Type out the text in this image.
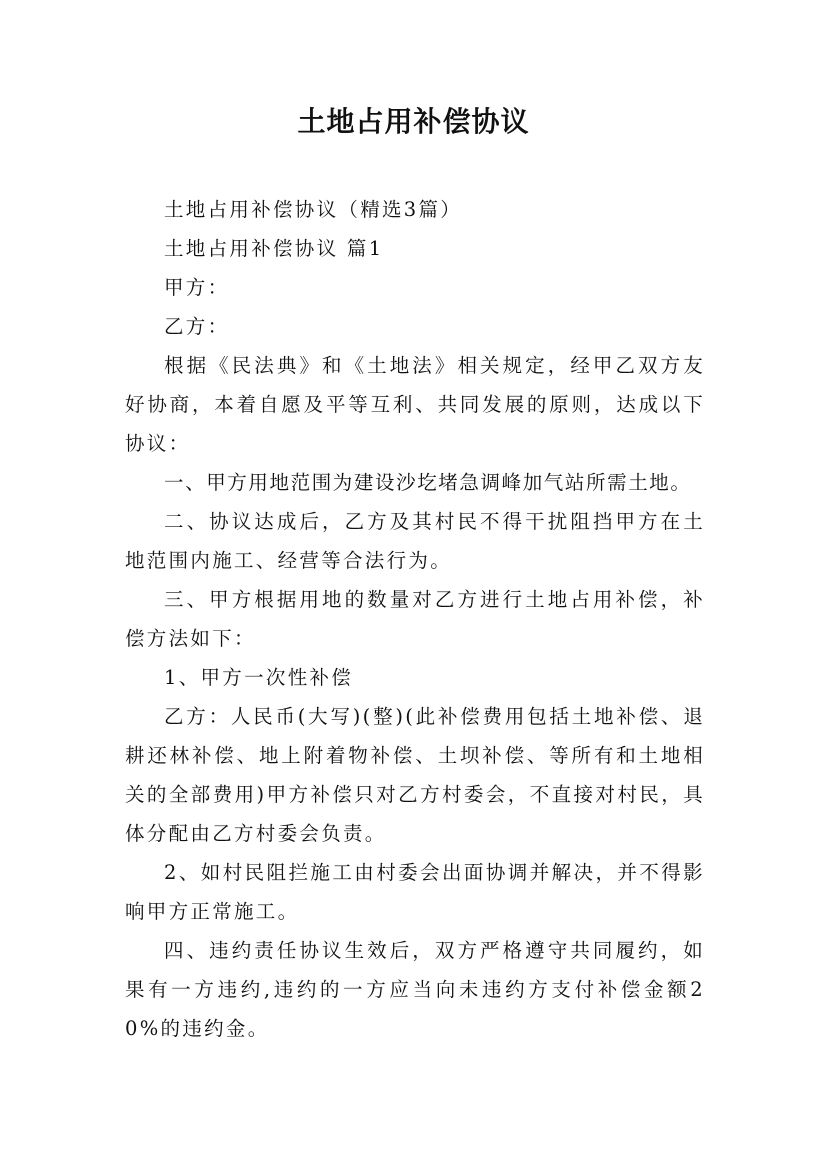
土地占用补偿协议

土地占用补偿协议（精选3篇）

土地占用补偿协议 篇1

甲方：

乙方：

根据《民法典》和《土地法》相关规定，经甲乙双方友好协商，本着自愿及平等互利、共同发展的原则，达成以下协议：

一、甲方用地范围为建设沙圪堵急调峰加气站所需土地。

二、协议达成后，乙方及其村民不得干扰阻挡甲方在土地范围内施工、经营等合法行为。

三、甲方根据用地的数量对乙方进行土地占用补偿，补偿方法如下：

1、甲方一次性补偿

乙方：人民币(大写)(整)(此补偿费用包括土地补偿、退耕还林补偿、地上附着物补偿、土坝补偿、等所有和土地相关的全部费用)甲方补偿只对乙方村委会，不直接对村民，具体分配由乙方村委会负责。

2、如村民阻拦施工由村委会出面协调并解决，并不得影响甲方正常施工。

四、违约责任协议生效后，双方严格遵守共同履约，如果有一方违约,违约的一方应当向未违约方支付补偿金额20%的违约金。
